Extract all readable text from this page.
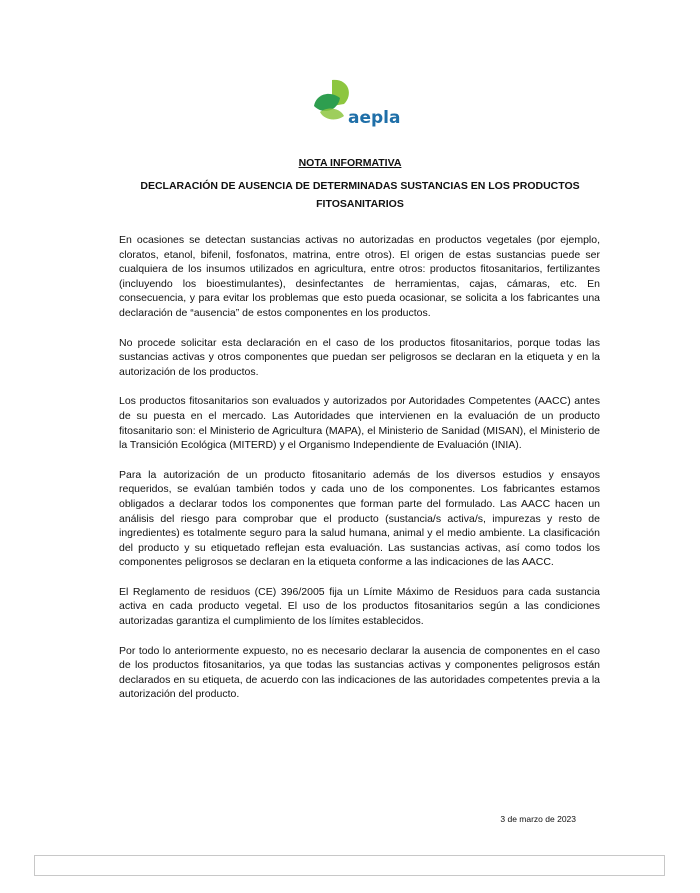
aepla
NOTA INFORMATIVA
DECLARACIÓN DE AUSENCIA DE DETERMINADAS SUSTANCIAS EN LOS PRODUCTOS FITOSANITARIOS

En ocasiones se detectan sustancias activas no autorizadas en productos vegetales (por ejemplo, cloratos, etanol, bifenil, fosfonatos, matrina, entre otros). El origen de estas sustancias puede ser cualquiera de los insumos utilizados en agricultura, entre otros: productos fitosanitarios, fertilizantes (incluyendo los bioestimulantes), desinfectantes de herramientas, cajas, cámaras, etc. En consecuencia, y para evitar los problemas que esto pueda ocasionar, se solicita a los fabricantes una declaración de “ausencia” de estos componentes en los productos.

No procede solicitar esta declaración en el caso de los productos fitosanitarios, porque todas las sustancias activas y otros componentes que puedan ser peligrosos se declaran en la etiqueta y en la autorización de los productos.

Los productos fitosanitarios son evaluados y autorizados por Autoridades Competentes (AACC) antes de su puesta en el mercado. Las Autoridades que intervienen en la evaluación de un producto fitosanitario son: el Ministerio de Agricultura (MAPA), el Ministerio de Sanidad (MISAN), el Ministerio de la Transición Ecológica (MITERD) y el Organismo Independiente de Evaluación (INIA).

Para la autorización de un producto fitosanitario además de los diversos estudios y ensayos requeridos, se evalúan también todos y cada uno de los componentes. Los fabricantes estamos obligados a declarar todos los componentes que forman parte del formulado. Las AACC hacen un análisis del riesgo para comprobar que el producto (sustancia/s activa/s, impurezas y resto de ingredientes) es totalmente seguro para la salud humana, animal y el medio ambiente. La clasificación del producto y su etiquetado reflejan esta evaluación. Las sustancias activas, así como todos los componentes peligrosos se declaran en la etiqueta conforme a las indicaciones de las AACC.

El Reglamento de residuos (CE) 396/2005 fija un Límite Máximo de Residuos para cada sustancia activa en cada producto vegetal. El uso de los productos fitosanitarios según a las condiciones autorizadas garantiza el cumplimiento de los límites establecidos.

Por todo lo anteriormente expuesto, no es necesario declarar la ausencia de componentes en el caso de los productos fitosanitarios, ya que todas las sustancias activas y componentes peligrosos están declarados en su etiqueta, de acuerdo con las indicaciones de las autoridades competentes previa a la autorización del producto.

3 de marzo de 2023
